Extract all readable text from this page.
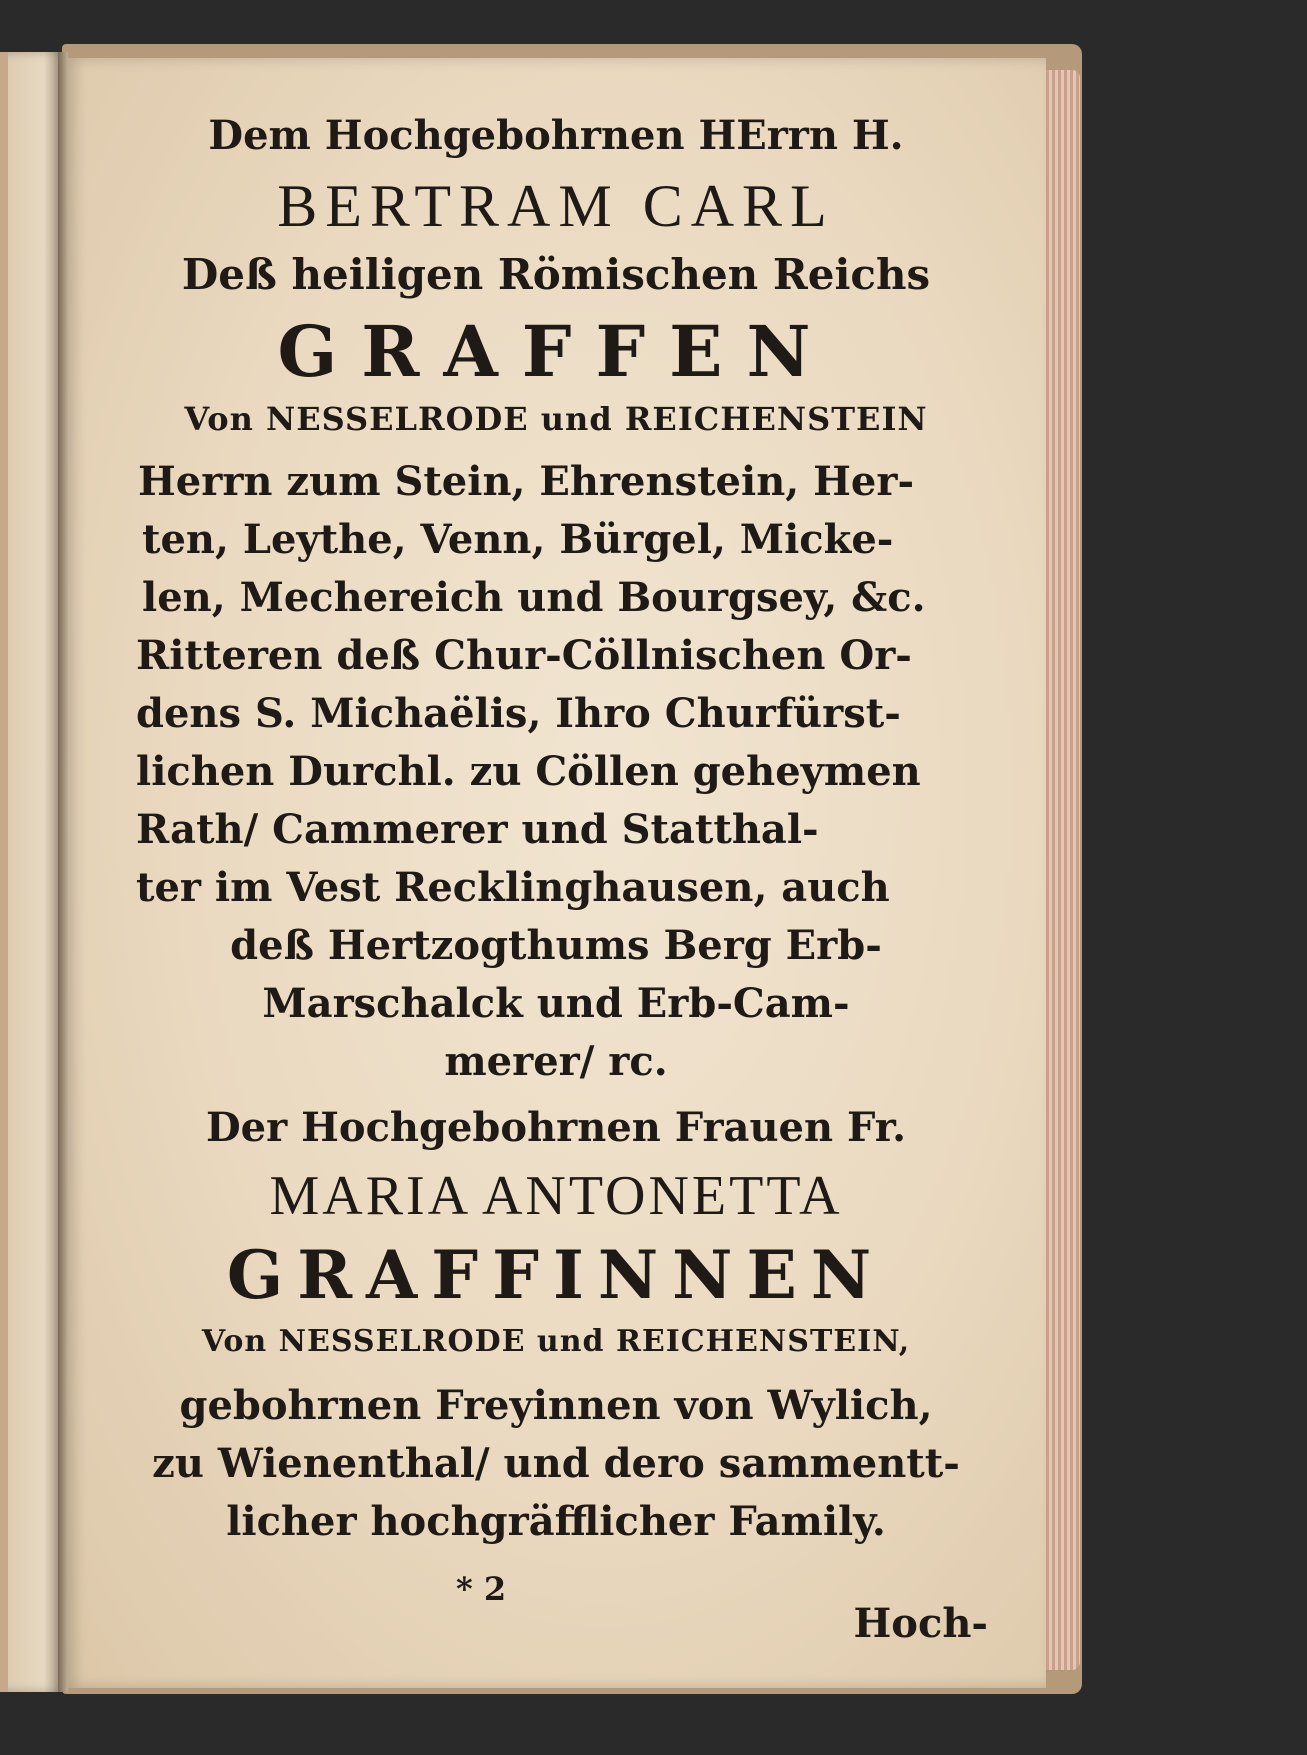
Dem Hochgebohrnen HErrn H.
BERTRAM CARL
Deß heiligen Römischen Reichs
GRAFFEN
Von NESSELRODE und REICHENSTEIN
Herrn zum Stein, Ehrenstein, Her-
ten, Leythe, Venn, Bürgel, Micke-
len, Mechereich und Bourgsey, &c.
Ritteren deß Chur-Cöllnischen Or-
dens S. Michaëlis, Ihro Churfürst-
lichen Durchl. zu Cöllen geheymen
Rath/ Cammerer und Statthal-
ter im Vest Recklinghausen, auch
deß Hertzogthums Berg Erb-
Marschalck und Erb-Cam-
merer/ rc.
Der Hochgebohrnen Frauen Fr.
MARIA ANTONETTA
GRAFFINNEN
Von NESSELRODE und REICHENSTEIN,
gebohrnen Freyinnen von Wylich,
zu Wienenthal/ und dero sammentt-
licher hochgräfflicher Family.
* 2
Hoch-
